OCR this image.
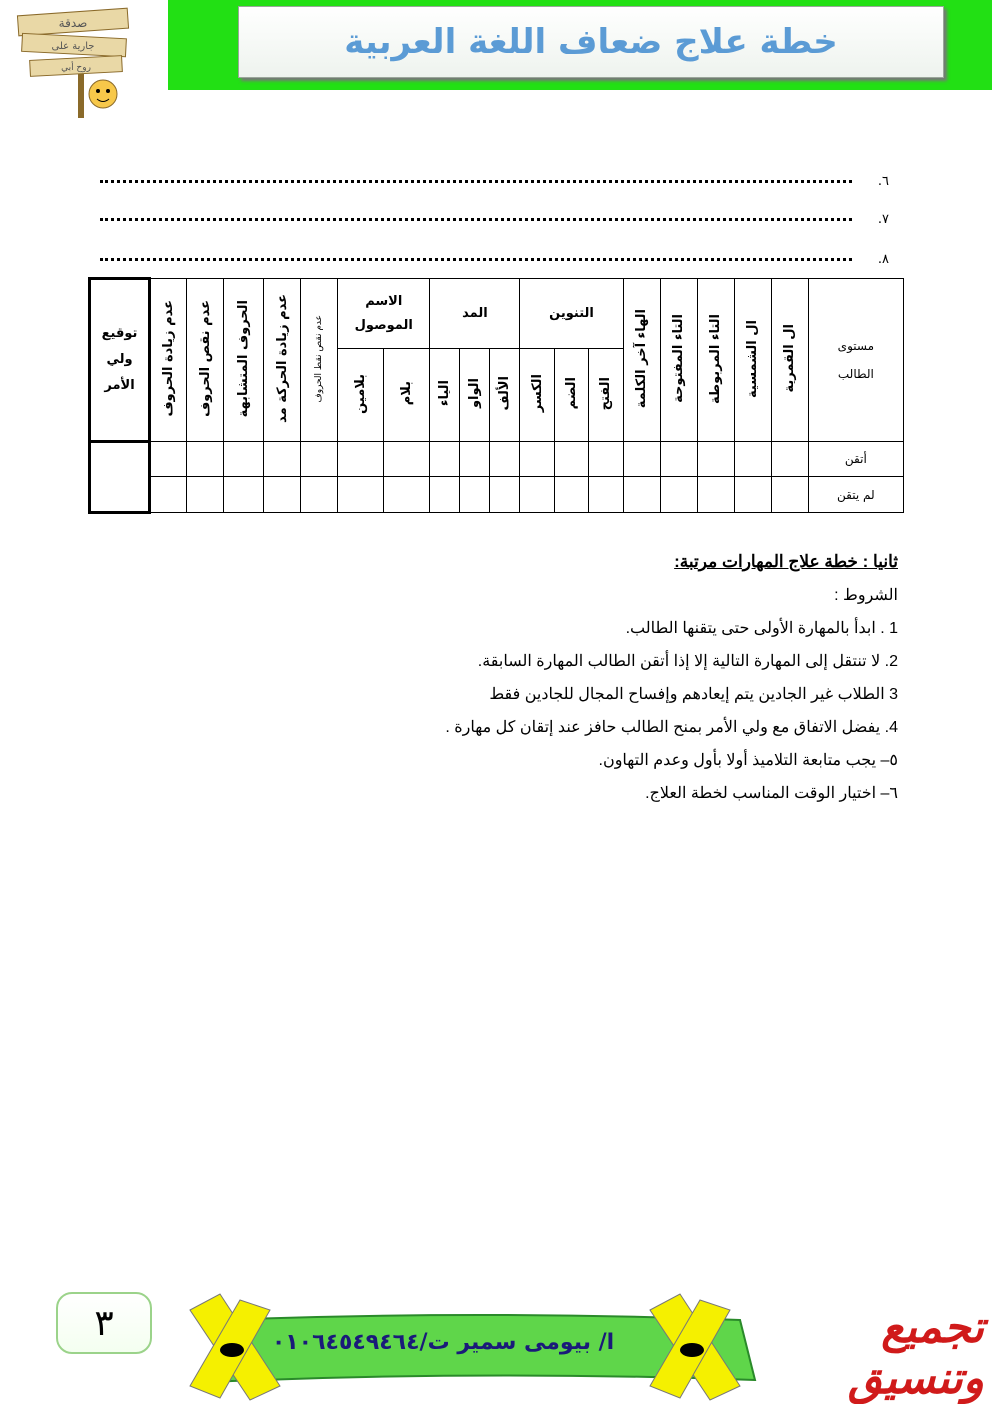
خطة علاج ضعاف اللغة العربية
صدقة
جارية على
روح أبي
٦.
٧.
٨.
توقيع ولي الأمر	عدم زيادة الحروف	عدم نقص الحروف	الحروف المتشابهة	عدم زيادة الحركة مد	عدم نقص نقط الحروف	الاسم الموصول		المد			التنوين			الهاء آخر الكلمة	التاء المفتوحة	التاء المربوطة	ال الشمسية	ال القمرية	مستوى الطالب
						بلامين	بلام	الياء	الواو	الألف	الكسر	الضم	الفتح						
																			أتقن
																			لم يتقن
ثانيا : خطة علاج المهارات مرتبة:
الشروط :
1 . ابدأ بالمهارة الأولى حتى يتقنها الطالب.
2. لا تنتقل إلى المهارة التالية إلا إذا أتقن الطالب المهارة السابقة.
3 الطلاب غير الجادين يتم إيعادهم وإفساح المجال للجادين فقط
4. يفضل الاتفاق مع ولي الأمر بمنح الطالب حافز عند إتقان كل مهارة .
٥– يجب متابعة التلاميذ أولا بأول وعدم التهاون.
٦– اختيار الوقت المناسب لخطة العلاج.
٣	ا/ بيومى سمير ت/٠١٠٦٤٥٤٩٤٦٤	تجميع وتنسيق
